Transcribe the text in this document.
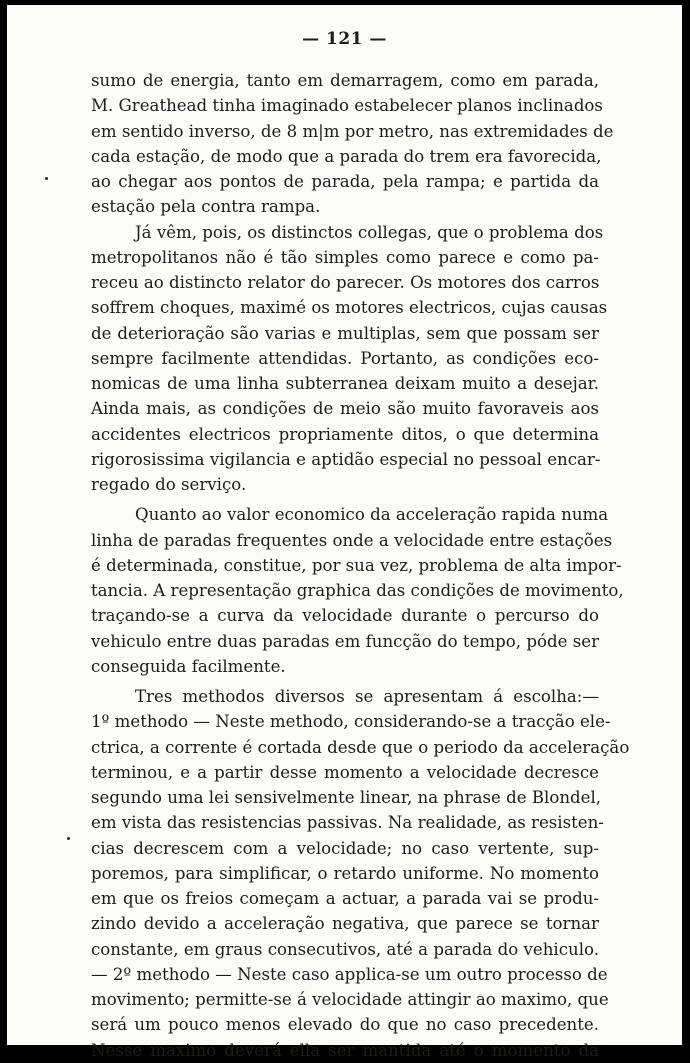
— 121 —
sumo de energia, tanto em demarragem, como em parada,
M. Greathead tinha imaginado estabelecer planos inclinados
em sentido inverso, de 8 m|m por metro, nas extremidades de
cada estação, de modo que a parada do trem era favorecida,
ao chegar aos pontos de parada, pela rampa; e partida da
estação pela contra rampa.
Já vêm, pois, os distinctos collegas, que o problema dos
metropolitanos não é tão simples como parece e como pa-
receu ao distincto relator do parecer. Os motores dos carros
soffrem choques, maximé os motores electricos, cujas causas
de deterioração são varias e multiplas, sem que possam ser
sempre facilmente attendidas. Portanto, as condições eco-
nomicas de uma linha subterranea deixam muito a desejar.
Ainda mais, as condições de meio são muito favoraveis aos
accidentes electricos propriamente ditos, o que determina
rigorosissima vigilancia e aptidão especial no pessoal encar-
regado do serviço.
Quanto ao valor economico da acceleração rapida numa
linha de paradas frequentes onde a velocidade entre estações
é determinada, constitue, por sua vez, problema de alta impor-
tancia. A representação graphica das condições de movimento,
traçando-se a curva da velocidade durante o percurso do
vehiculo entre duas paradas em funcção do tempo, póde ser
conseguida facilmente.
Tres methodos diversos se apresentam á escolha:—
1º methodo — Neste methodo, considerando-se a tracção ele-
ctrica, a corrente é cortada desde que o periodo da acceleração
terminou, e a partir desse momento a velocidade decresce
segundo uma lei sensivelmente linear, na phrase de Blondel,
em vista das resistencias passivas. Na realidade, as resisten-
cias decrescem com a velocidade; no caso vertente, sup-
poremos, para simplificar, o retardo uniforme. No momento
em que os freios começam a actuar, a parada vai se produ-
zindo devido a acceleração negativa, que parece se tornar
constante, em graus consecutivos, até a parada do vehiculo.
— 2º methodo — Neste caso applica-se um outro processo de
movimento; permitte-se á velocidade attingir ao maximo, que
será um pouco menos elevado do que no caso precedente.
Nesse maximo deverá ella ser mantida até o momento da
